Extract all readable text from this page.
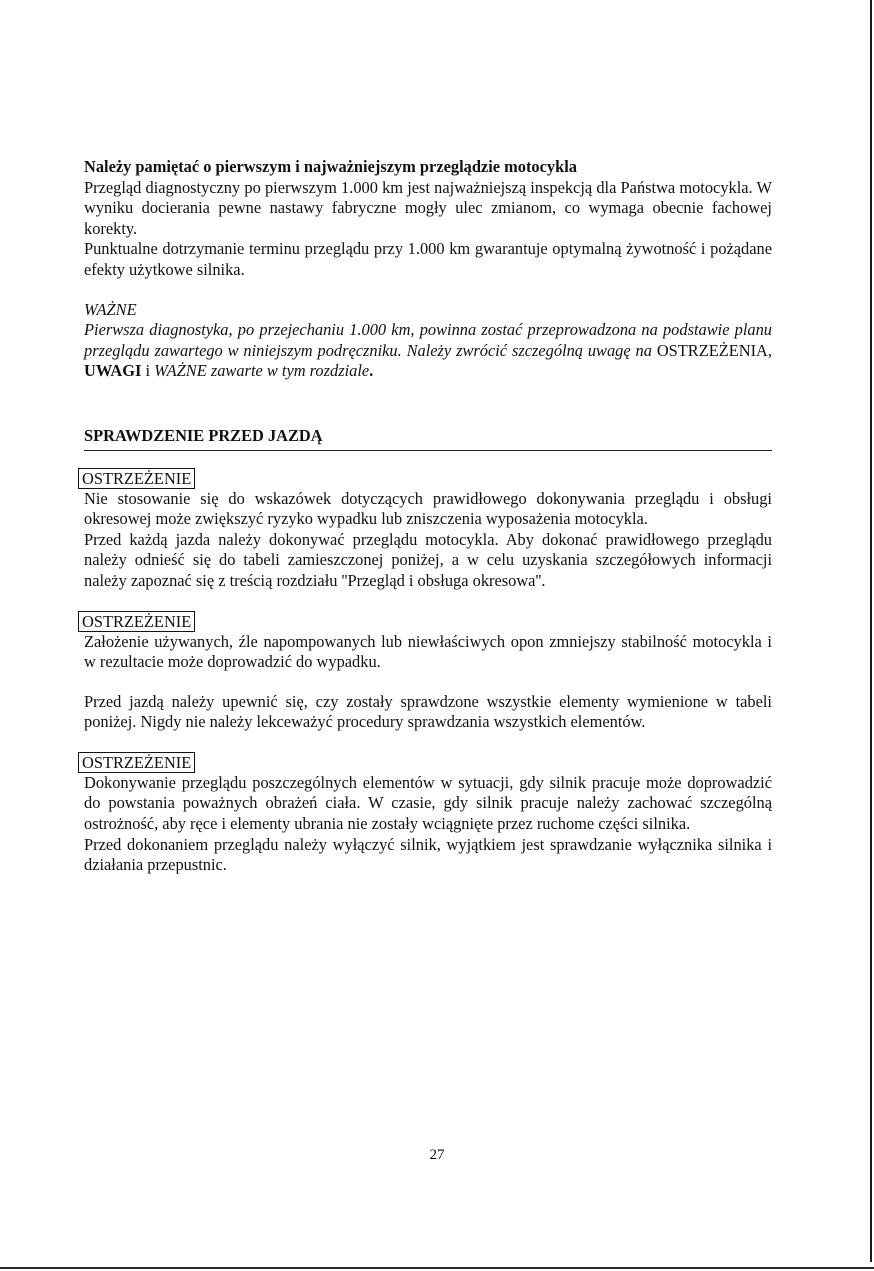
Należy pamiętać o pierwszym i najważniejszym przeglądzie motocykla

Przegląd diagnostyczny po pierwszym 1.000 km jest najważniejszą inspekcją dla Państwa motocykla. W wyniku docierania pewne nastawy fabryczne mogły ulec zmianom, co wymaga obecnie fachowej korekty.

Punktualne dotrzymanie terminu przeglądu przy 1.000 km gwarantuje optymalną żywotność i pożądane efekty użytkowe silnika.

WAŻNE

Pierwsza diagnostyka, po przejechaniu 1.000 km, powinna zostać przeprowadzona na podstawie planu przeglądu zawartego w niniejszym podręczniku. Należy zwrócić szczególną uwagę na OSTRZEŻENIA, UWAGI i WAŻNE zawarte w tym rozdziale.

SPRAWDZENIE PRZED JAZDĄ

OSTRZEŻENIE

Nie stosowanie się do wskazówek dotyczących prawidłowego dokonywania przeglądu i obsługi okresowej może zwiększyć ryzyko wypadku lub zniszczenia wyposażenia motocykla.

Przed każdą jazda należy dokonywać przeglądu motocykla. Aby dokonać prawidłowego przeglądu należy odnieść się do tabeli zamieszczonej poniżej, a w celu uzyskania szczegółowych informacji należy zapoznać się z treścią rozdziału ''Przegląd i obsługa okresowa''.

OSTRZEŻENIE

Założenie używanych, źle napompowanych lub niewłaściwych opon zmniejszy stabilność motocykla i w rezultacie może doprowadzić do wypadku.

Przed jazdą należy upewnić się, czy zostały sprawdzone wszystkie elementy wymienione w tabeli poniżej. Nigdy nie należy lekceważyć procedury sprawdzania wszystkich elementów.

OSTRZEŻENIE

Dokonywanie przeglądu poszczególnych elementów w sytuacji, gdy silnik pracuje może doprowadzić do powstania poważnych obrażeń ciała. W czasie, gdy silnik pracuje należy zachować szczególną ostrożność, aby ręce i elementy ubrania nie zostały wciągnięte przez ruchome części silnika.

Przed dokonaniem przeglądu należy wyłączyć silnik, wyjątkiem jest sprawdzanie wyłącznika silnika i działania przepustnic.

27
